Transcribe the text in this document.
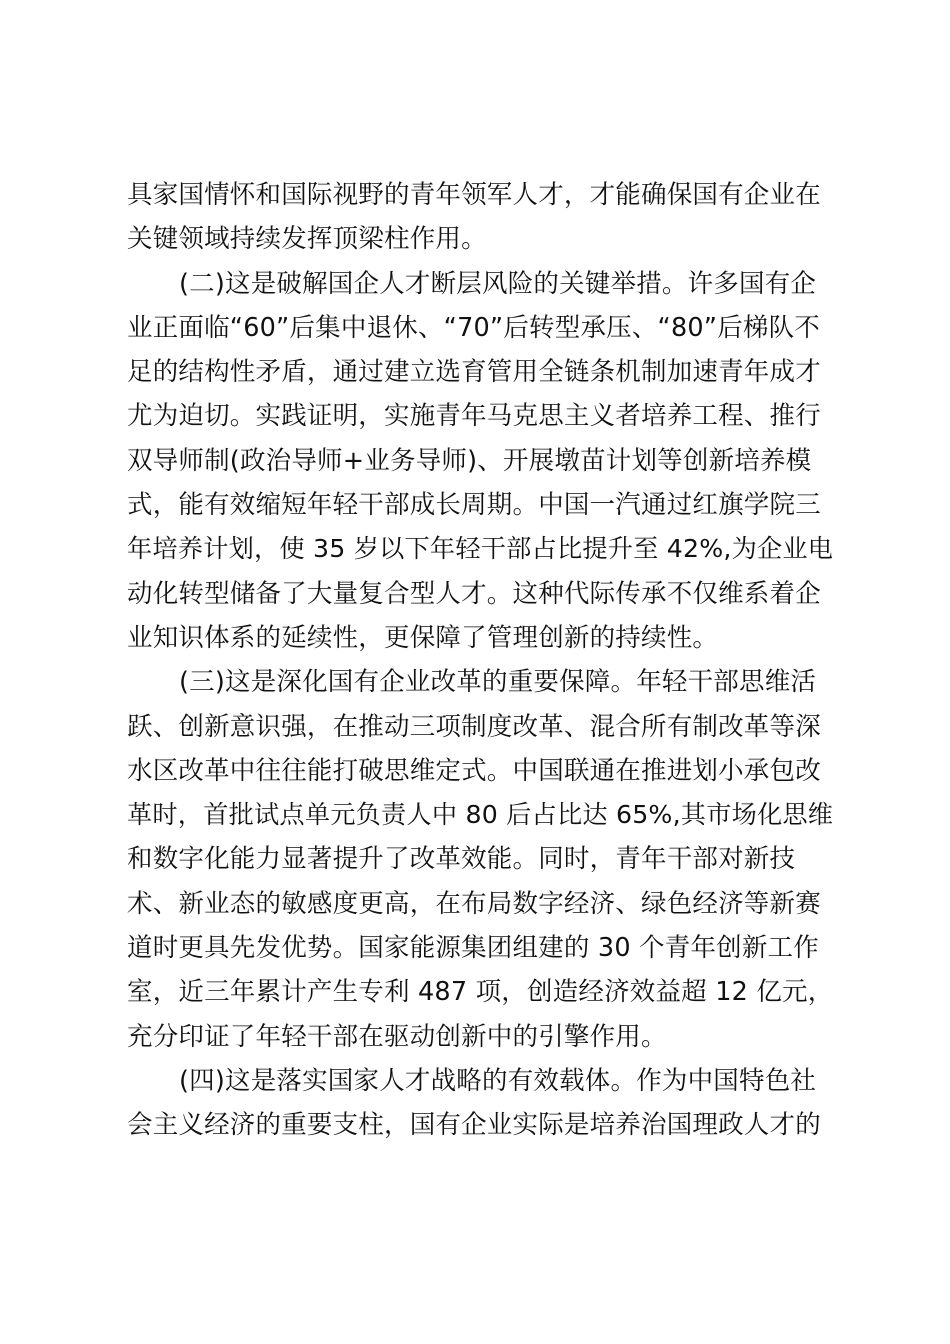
具家国情怀和国际视野的青年领军人才，才能确保国有企业在
关键领域持续发挥顶梁柱作用。
(二)这是破解国企人才断层风险的关键举措。许多国有企
业正面临“60”后集中退休、“70”后转型承压、“80”后梯队不
足的结构性矛盾，通过建立选育管用全链条机制加速青年成才
尤为迫切。实践证明，实施青年马克思主义者培养工程、推行
双导师制(政治导师+业务导师)、开展墩苗计划等创新培养模
式，能有效缩短年轻干部成长周期。中国一汽通过红旗学院三
年培养计划，使 35 岁以下年轻干部占比提升至 42%,为企业电
动化转型储备了大量复合型人才。这种代际传承不仅维系着企
业知识体系的延续性，更保障了管理创新的持续性。
(三)这是深化国有企业改革的重要保障。年轻干部思维活
跃、创新意识强，在推动三项制度改革、混合所有制改革等深
水区改革中往往能打破思维定式。中国联通在推进划小承包改
革时，首批试点单元负责人中 80 后占比达 65%,其市场化思维
和数字化能力显著提升了改革效能。同时，青年干部对新技
术、新业态的敏感度更高，在布局数字经济、绿色经济等新赛
道时更具先发优势。国家能源集团组建的 30 个青年创新工作
室，近三年累计产生专利 487 项，创造经济效益超 12 亿元，
充分印证了年轻干部在驱动创新中的引擎作用。
(四)这是落实国家人才战略的有效载体。作为中国特色社
会主义经济的重要支柱，国有企业实际是培养治国理政人才的
